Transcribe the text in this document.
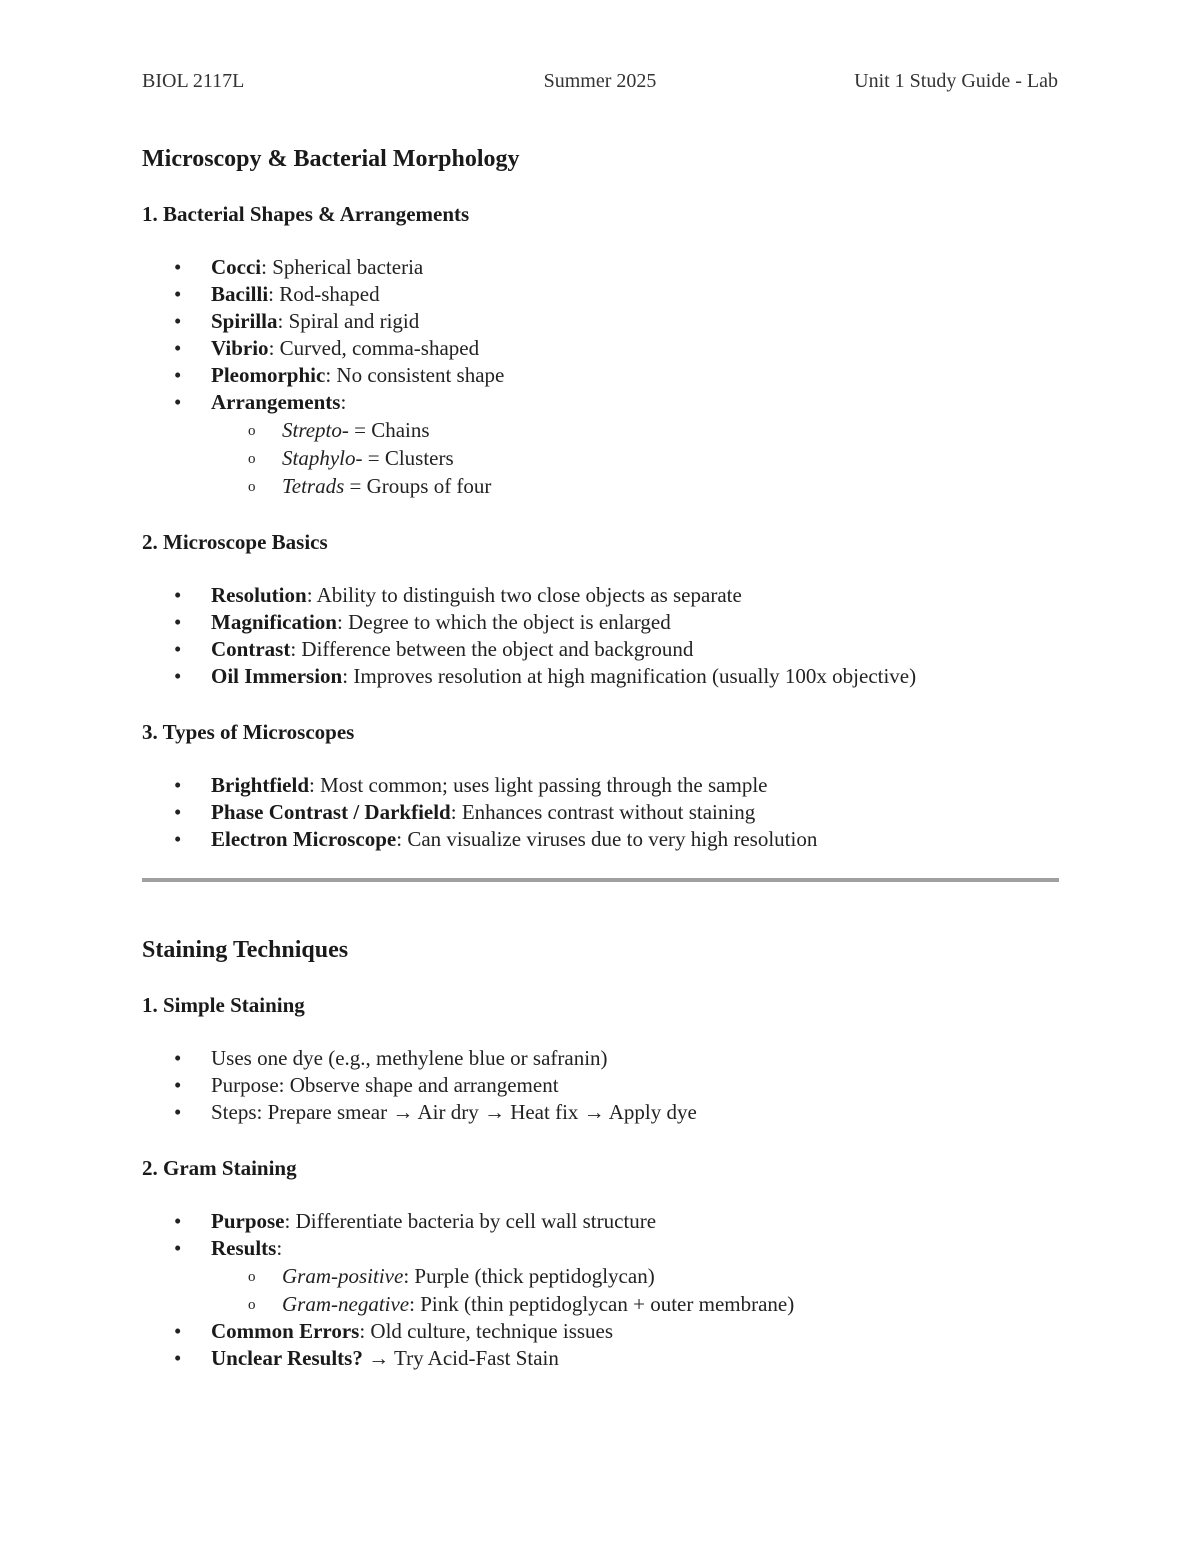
BIOL 2117L	Summer 2025	Unit 1 Study Guide - Lab
Microscopy & Bacterial Morphology
1. Bacterial Shapes & Arrangements
• Cocci: Spherical bacteria
• Bacilli: Rod-shaped
• Spirilla: Spiral and rigid
• Vibrio: Curved, comma-shaped
• Pleomorphic: No consistent shape
• Arrangements:
o Strepto- = Chains
o Staphylo- = Clusters
o Tetrads = Groups of four
2. Microscope Basics
• Resolution: Ability to distinguish two close objects as separate
• Magnification: Degree to which the object is enlarged
• Contrast: Difference between the object and background
• Oil Immersion: Improves resolution at high magnification (usually 100x objective)
3. Types of Microscopes
• Brightfield: Most common; uses light passing through the sample
• Phase Contrast / Darkfield: Enhances contrast without staining
• Electron Microscope: Can visualize viruses due to very high resolution
Staining Techniques
1. Simple Staining
• Uses one dye (e.g., methylene blue or safranin)
• Purpose: Observe shape and arrangement
• Steps: Prepare smear → Air dry → Heat fix → Apply dye
2. Gram Staining
• Purpose: Differentiate bacteria by cell wall structure
• Results:
o Gram-positive: Purple (thick peptidoglycan)
o Gram-negative: Pink (thin peptidoglycan + outer membrane)
• Common Errors: Old culture, technique issues
• Unclear Results? → Try Acid-Fast Stain
